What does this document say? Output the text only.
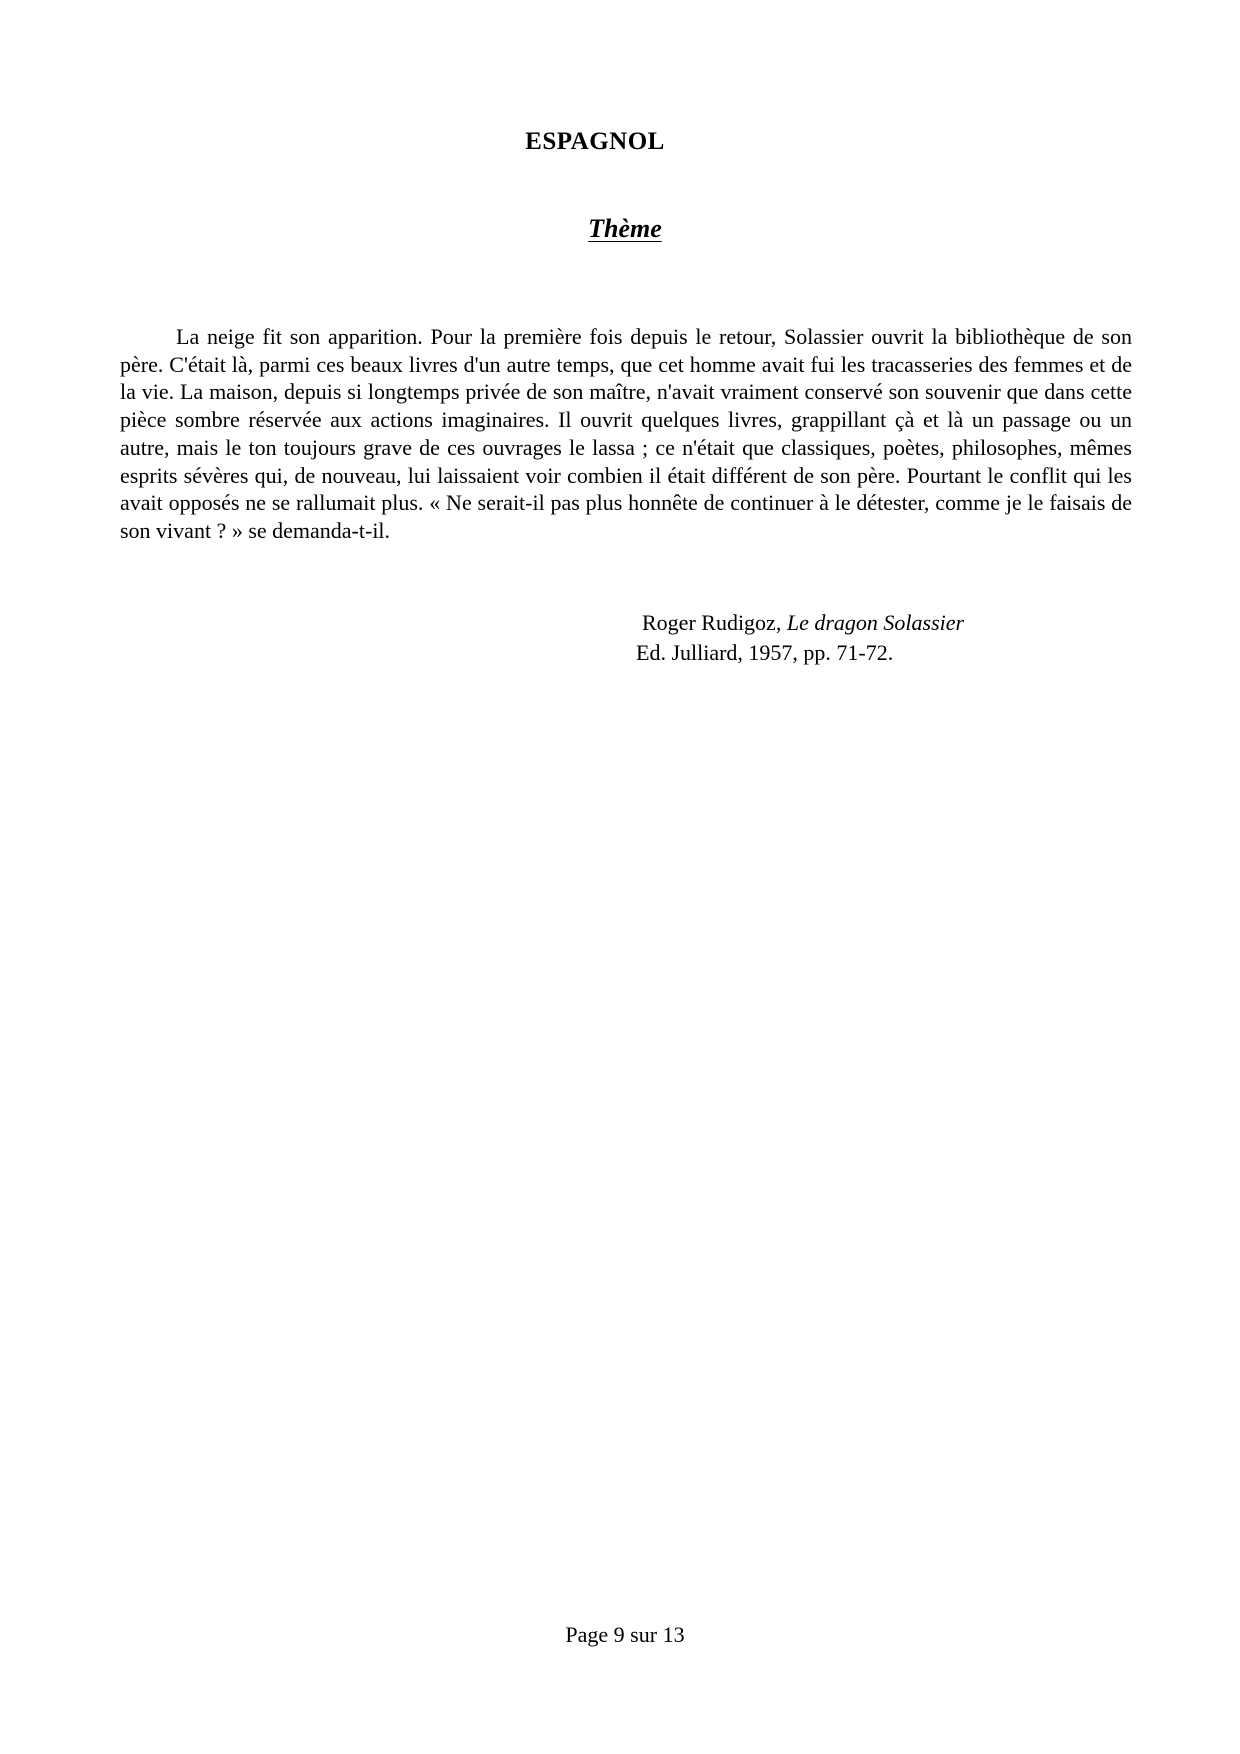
ESPAGNOL
Thème

La neige fit son apparition. Pour la première fois depuis le retour, Solassier ouvrit la bibliothèque de son père. C'était là, parmi ces beaux livres d'un autre temps, que cet homme avait fui les tracasseries des femmes et de la vie. La maison, depuis si longtemps privée de son maître, n'avait vraiment conservé son souvenir que dans cette pièce sombre réservée aux actions imaginaires. Il ouvrit quelques livres, grappillant çà et là un passage ou un autre, mais le ton toujours grave de ces ouvrages le lassa ; ce n'était que classiques, poètes, philosophes, mêmes esprits sévères qui, de nouveau, lui laissaient voir combien il était différent de son père. Pourtant le conflit qui les avait opposés ne se rallumait plus. « Ne serait-il pas plus honnête de continuer à le détester, comme je le faisais de son vivant ? » se demanda-t-il.

Roger Rudigoz, Le dragon Solassier
Ed. Julliard, 1957, pp. 71-72.

Page 9 sur 13
